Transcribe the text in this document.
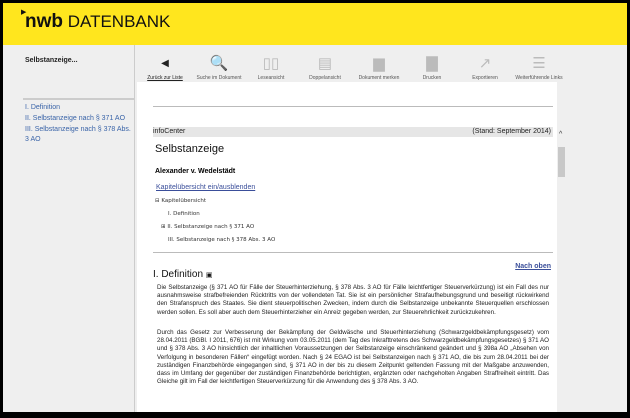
▶
nwb DATENBANK
Selbstanzeige...
I. Definition
II. Selbstanzeige nach § 371 AO
III. Selbstanzeige nach § 378 Abs. 3 AO
◀
Zurück zur Liste
🔍
Suche im Dokument
▯▯
Leseansicht
▤
Doppelansicht
▆
Dokument merken
▇
Drucken
↗
Exportieren
☰
Weiterführende Links
infoCenter	(Stand: September 2014)
Selbstanzeige
Alexander v. Wedelstädt
Kapitelübersicht ein/ausblenden
⊟ Kapitelübersicht
I. Definition
⊞ II. Selbstanzeige nach § 371 AO
III. Selbstanzeige nach § 378 Abs. 3 AO
Nach oben
I. Definition ▣

Die Selbstanzeige (§ 371 AO für Fälle der Steuerhinterziehung, § 378 Abs. 3 AO für Fälle leichtfertiger Steuerverkürzung) ist ein Fall des nur ausnahmsweise strafbefreienden Rücktritts von der vollendeten Tat. Sie ist ein persönlicher Strafaufhebungsgrund und beseitigt rückwirkend den Strafanspruch des Staates. Sie dient steuerpolitischen Zwecken, indem durch die Selbstanzeige unbekannte Steuerquellen erschlossen werden sollen. Es soll aber auch dem Steuerhinterzieher ein Anreiz gegeben werden, zur Steuerehrlichkeit zurückzukehren.

Durch das Gesetz zur Verbesserung der Bekämpfung der Geldwäsche und Steuerhinterziehung (Schwarzgeldbekämpfungsgesetz) vom 28.04.2011 (BGBl. I 2011, 676) ist mit Wirkung vom 03.05.2011 (dem Tag des Inkrafttretens des Schwarzgeldbekämpfungsgesetzes) § 371 AO und § 378 Abs. 3 AO hinsichtlich der inhaltlichen Voraussetzungen der Selbstanzeige einschränkend geändert und § 398a AO „Absehen von Verfolgung in besonderen Fällen“ eingefügt worden. Nach § 24 EGAO ist bei Selbstanzeigen nach § 371 AO, die bis zum 28.04.2011 bei der zuständigen Finanzbehörde eingegangen sind, § 371 AO in der bis zu diesem Zeitpunkt geltenden Fassung mit der Maßgabe anzuwenden, dass im Umfang der gegenüber der zuständigen Finanzbehörde berichtigten, ergänzten oder nachgeholten Angaben Straffreiheit eintritt. Das Gleiche gilt im Fall der leichtfertigen Steuerverkürzung für die Anwendung des § 378 Abs. 3 AO.

^
